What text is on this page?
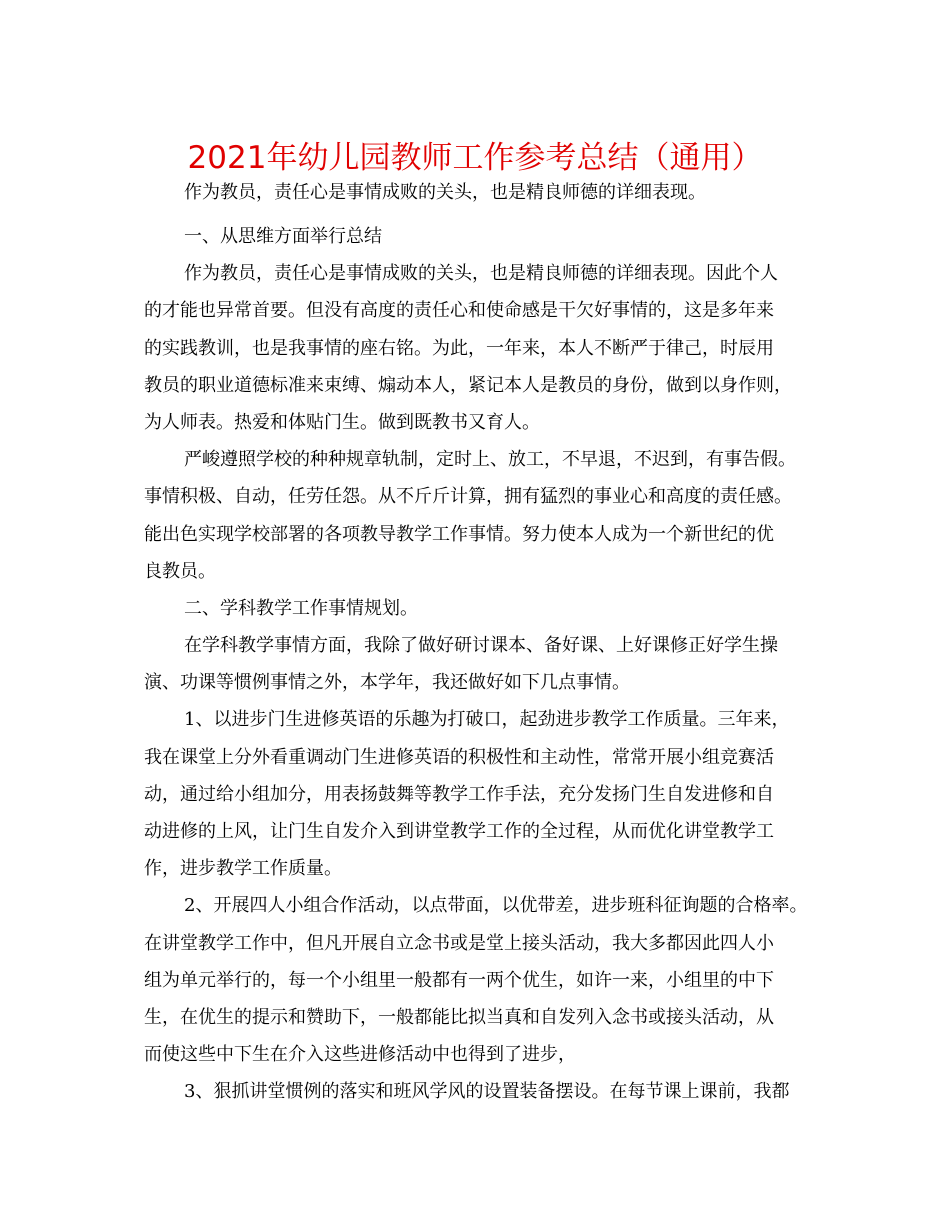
2021年幼儿园教师工作参考总结（通用）
作为教员，责任心是事情成败的关头，也是精良师德的详细表现。
一、从思维方面举行总结
作为教员，责任心是事情成败的关头，也是精良师德的详细表现。因此个人
的才能也异常首要。但没有高度的责任心和使命感是干欠好事情的，这是多年来
的实践教训，也是我事情的座右铭。为此，一年来，本人不断严于律己，时辰用
教员的职业道德标准来束缚、煽动本人，紧记本人是教员的身份，做到以身作则，
为人师表。热爱和体贴门生。做到既教书又育人。
严峻遵照学校的种种规章轨制，定时上、放工，不早退，不迟到，有事告假。
事情积极、自动，任劳任怨。从不斤斤计算，拥有猛烈的事业心和高度的责任感。
能出色实现学校部署的各项教导教学工作事情。努力使本人成为一个新世纪的优
良教员。
二、学科教学工作事情规划。
在学科教学事情方面，我除了做好研讨课本、备好课、上好课修正好学生操
演、功课等惯例事情之外，本学年，我还做好如下几点事情。
1、以进步门生进修英语的乐趣为打破口，起劲进步教学工作质量。三年来，
我在课堂上分外看重调动门生进修英语的积极性和主动性，常常开展小组竞赛活
动，通过给小组加分，用表扬鼓舞等教学工作手法，充分发扬门生自发进修和自
动进修的上风，让门生自发介入到讲堂教学工作的全过程，从而优化讲堂教学工
作，进步教学工作质量。
2、开展四人小组合作活动，以点带面，以优带差，进步班科征询题的合格率。
在讲堂教学工作中，但凡开展自立念书或是堂上接头活动，我大多都因此四人小
组为单元举行的，每一个小组里一般都有一两个优生，如许一来，小组里的中下
生，在优生的提示和赞助下，一般都能比拟当真和自发列入念书或接头活动，从
而使这些中下生在介入这些进修活动中也得到了进步，
3、狠抓讲堂惯例的落实和班风学风的设置装备摆设。在每节课上课前，我都
